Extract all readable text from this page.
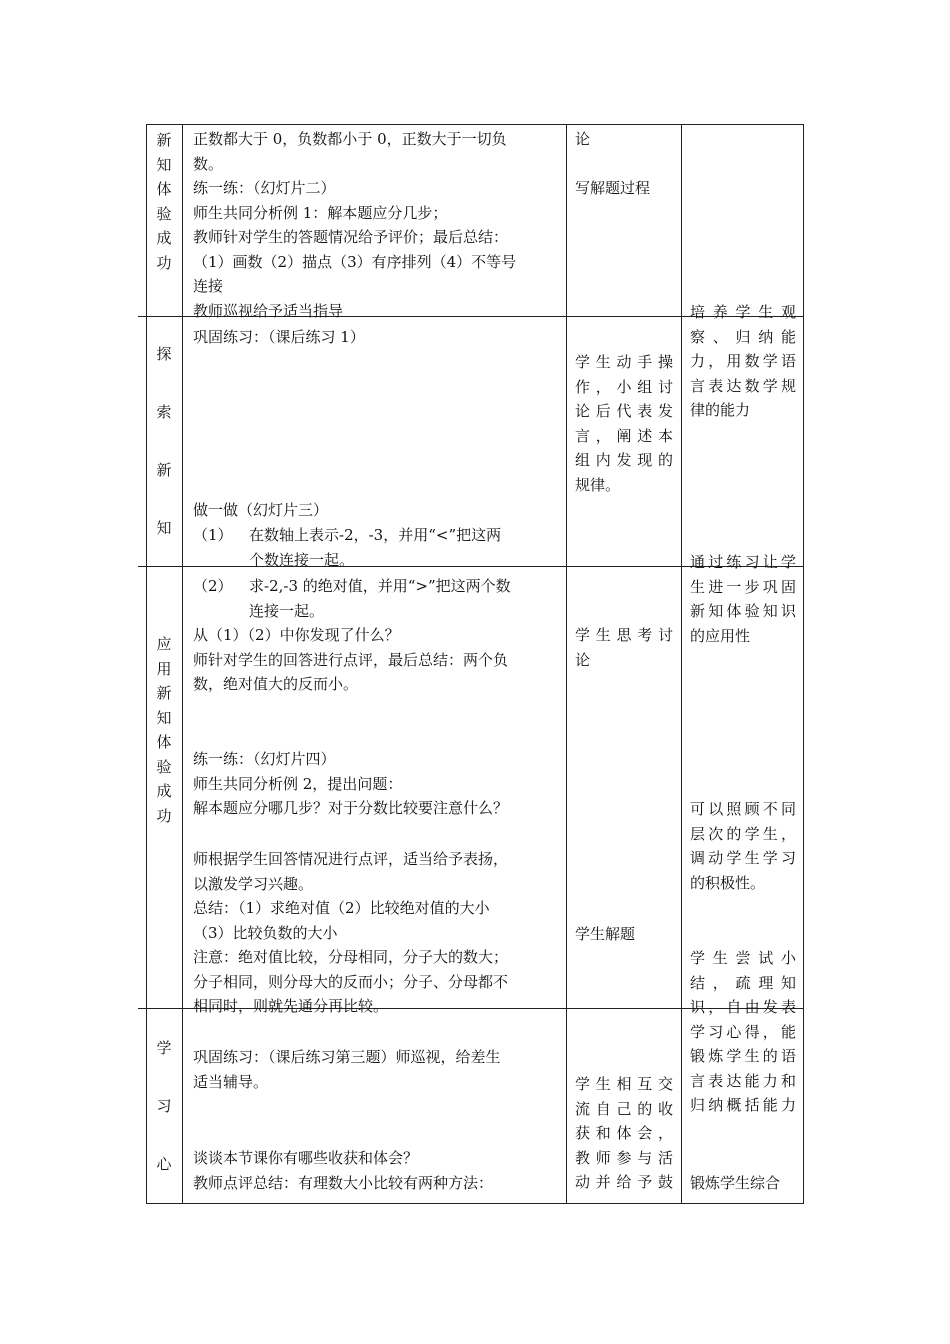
新
知
体
验
成
功
探
索
新
知
应
用
新
知
体
验
成
功
学
习
心
正数都大于 0，负数都小于 0，正数大于一切负
数。
练一练：（幻灯片二）
师生共同分析例 1：解本题应分几步；
教师针对学生的答题情况给予评价；最后总结：
（1）画数（2）描点（3）有序排列（4）不等号
连接
教师巡视给予适当指导
巩固练习：（课后练习 1）
做一做（幻灯片三）
（1） 在数轴上表示-2，-3，并用“<”把这两
个数连接一起。
（2） 求-2,-3 的绝对值，并用“>”把这两个数
连接一起。
从（1）（2）中你发现了什么？
师针对学生的回答进行点评，最后总结：两个负
数，绝对值大的反而小。
练一练：（幻灯片四）
师生共同分析例 2，提出问题：
解本题应分哪几步？对于分数比较要注意什么？
师根据学生回答情况进行点评，适当给予表扬，
以激发学习兴趣。
总结：（1）求绝对值（2）比较绝对值的大小
（3）比较负数的大小
注意：绝对值比较，分母相同，分子大的数大；
分子相同，则分母大的反而小；分子、分母都不
相同时，则就先通分再比较。
巩固练习：（课后练习第三题）师巡视，给差生
适当辅导。
谈谈本节课你有哪些收获和体会？
教师点评总结：有理数大小比较有两种方法：
论
写解题过程
学生动手操
作，小组讨
论后代表发
言，阐述本
组内发现的
规律。
学生思考讨
论
学生解题
学生相互交
流自己的收
获和体会，
教师参与活
动并给予鼓
培养学生观
察、归纳能
力，用数学语
言表达数学规
律的能力
通过练习让学
生进一步巩固
新知体验知识
的应用性
可以照顾不同
层次的学生，
调动学生学习
的积极性。
学生尝试小
结，疏理知
识，自由发表
学习心得，能
锻炼学生的语
言表达能力和
归纳概括能力
锻炼学生综合
